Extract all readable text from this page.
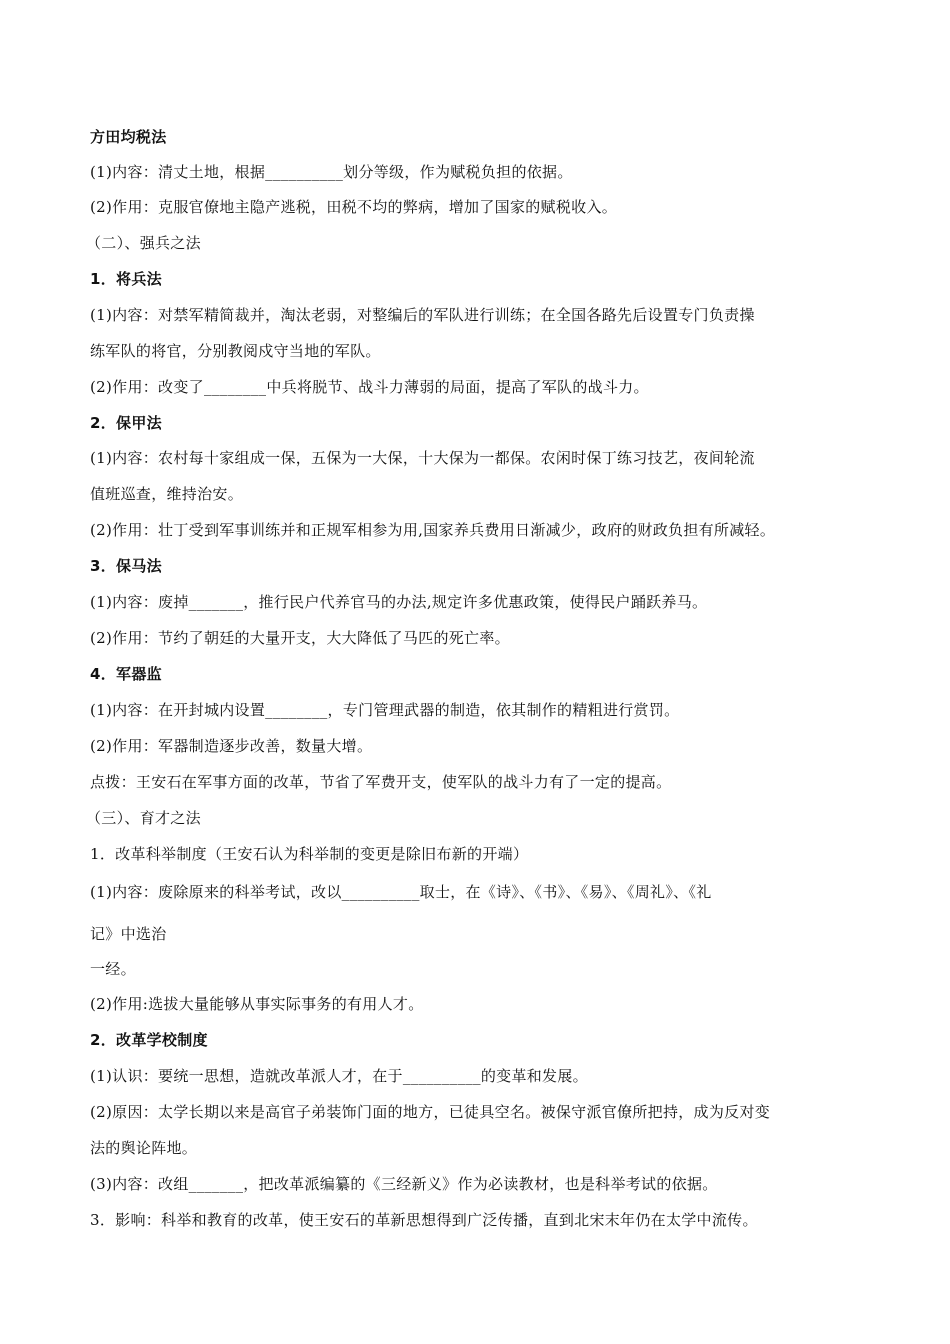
方田均税法
(1)内容：清丈土地，根据__________划分等级，作为赋税负担的依据。
(2)作用：克服官僚地主隐产逃税，田税不均的弊病，增加了国家的赋税收入。
（二）、强兵之法
1．将兵法
(1)内容：对禁军精简裁并，淘汰老弱，对整编后的军队进行训练；在全国各路先后设置专门负责操
练军队的将官，分别教阅戍守当地的军队。
(2)作用：改变了________中兵将脱节、战斗力薄弱的局面，提高了军队的战斗力。
2．保甲法
(1)内容：农村每十家组成一保，五保为一大保，十大保为一都保。农闲时保丁练习技艺，夜间轮流
值班巡查，维持治安。
(2)作用：壮丁受到军事训练并和正规军相参为用,国家养兵费用日渐减少，政府的财政负担有所减轻。
3．保马法
(1)内容：废掉_______，推行民户代养官马的办法,规定许多优惠政策，使得民户踊跃养马。
(2)作用：节约了朝廷的大量开支，大大降低了马匹的死亡率。
4．军器监
(1)内容：在开封城内设置________，专门管理武器的制造，依其制作的精粗进行赏罚。
(2)作用：军器制造逐步改善，数量大增。
点拨：王安石在军事方面的改革，节省了军费开支，使军队的战斗力有了一定的提高。
（三）、育才之法
1．改革科举制度（王安石认为科举制的变更是除旧布新的开端）
(1)内容：废除原来的科举考试，改以__________取士，在《诗》、《书》、《易》、《周礼》、《礼
记》中选治
一经。
(2)作用:选拔大量能够从事实际事务的有用人才。
2．改革学校制度
(1)认识：要统一思想，造就改革派人才，在于__________的变革和发展。
(2)原因：太学长期以来是高官子弟装饰门面的地方，已徒具空名。被保守派官僚所把持，成为反对变
法的舆论阵地。
(3)内容：改组_______，把改革派编纂的《三经新义》作为必读教材，也是科举考试的依据。
3．影响：科举和教育的改革，使王安石的革新思想得到广泛传播，直到北宋末年仍在太学中流传。
